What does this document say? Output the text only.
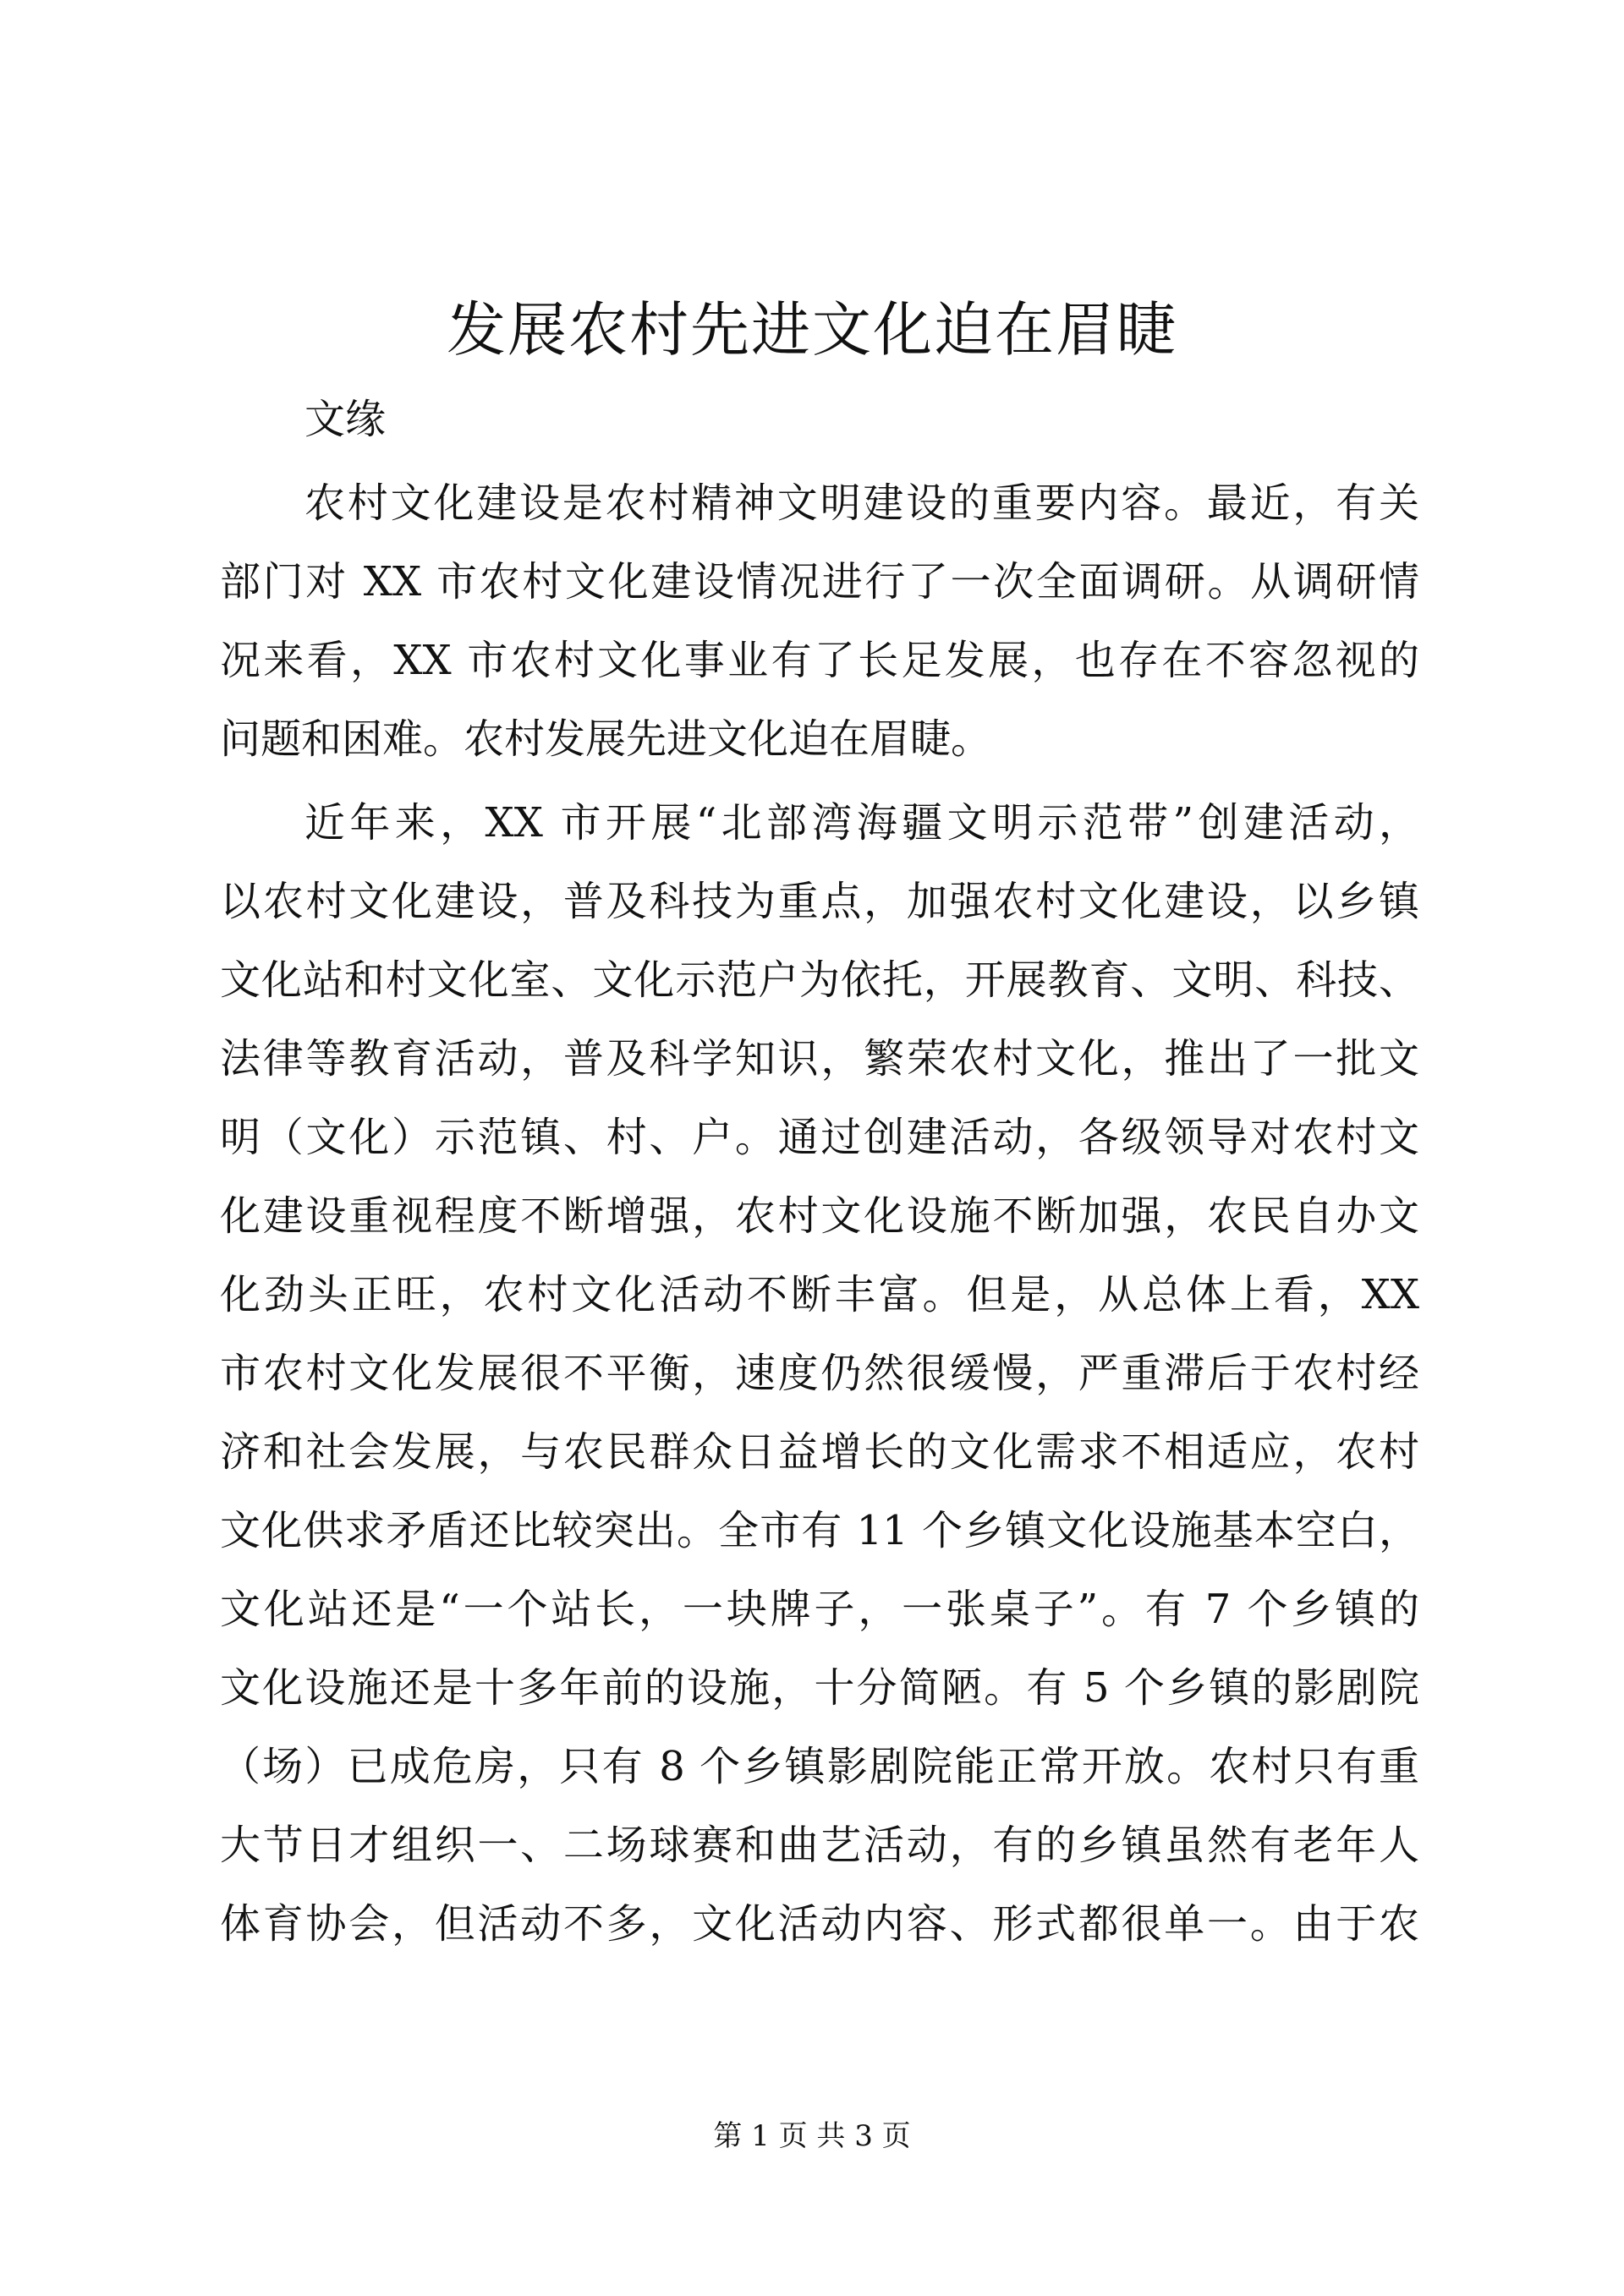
发展农村先进文化迫在眉睫
文缘
农村文化建设是农村精神文明建设的重要内容。最近，有关
部门对 XX 市农村文化建设情况进行了一次全面调研。从调研情
况来看，XX 市农村文化事业有了长足发展，也存在不容忽视的
问题和困难。农村发展先进文化迫在眉睫。
近年来，XX 市开展“北部湾海疆文明示范带”创建活动，
以农村文化建设，普及科技为重点，加强农村文化建设，以乡镇
文化站和村文化室、文化示范户为依托，开展教育、文明、科技、
法律等教育活动，普及科学知识，繁荣农村文化，推出了一批文
明（文化）示范镇、村、户。通过创建活动，各级领导对农村文
化建设重视程度不断增强，农村文化设施不断加强，农民自办文
化劲头正旺，农村文化活动不断丰富。但是，从总体上看，XX
市农村文化发展很不平衡，速度仍然很缓慢，严重滞后于农村经
济和社会发展，与农民群众日益增长的文化需求不相适应，农村
文化供求矛盾还比较突出。全市有 11 个乡镇文化设施基本空白，
文化站还是“一个站长，一块牌子，一张桌子”。有 7 个乡镇的
文化设施还是十多年前的设施，十分简陋。有 5 个乡镇的影剧院
（场）已成危房，只有 8 个乡镇影剧院能正常开放。农村只有重
大节日才组织一、二场球赛和曲艺活动，有的乡镇虽然有老年人
体育协会，但活动不多，文化活动内容、形式都很单一。由于农
第 1 页 共 3 页
